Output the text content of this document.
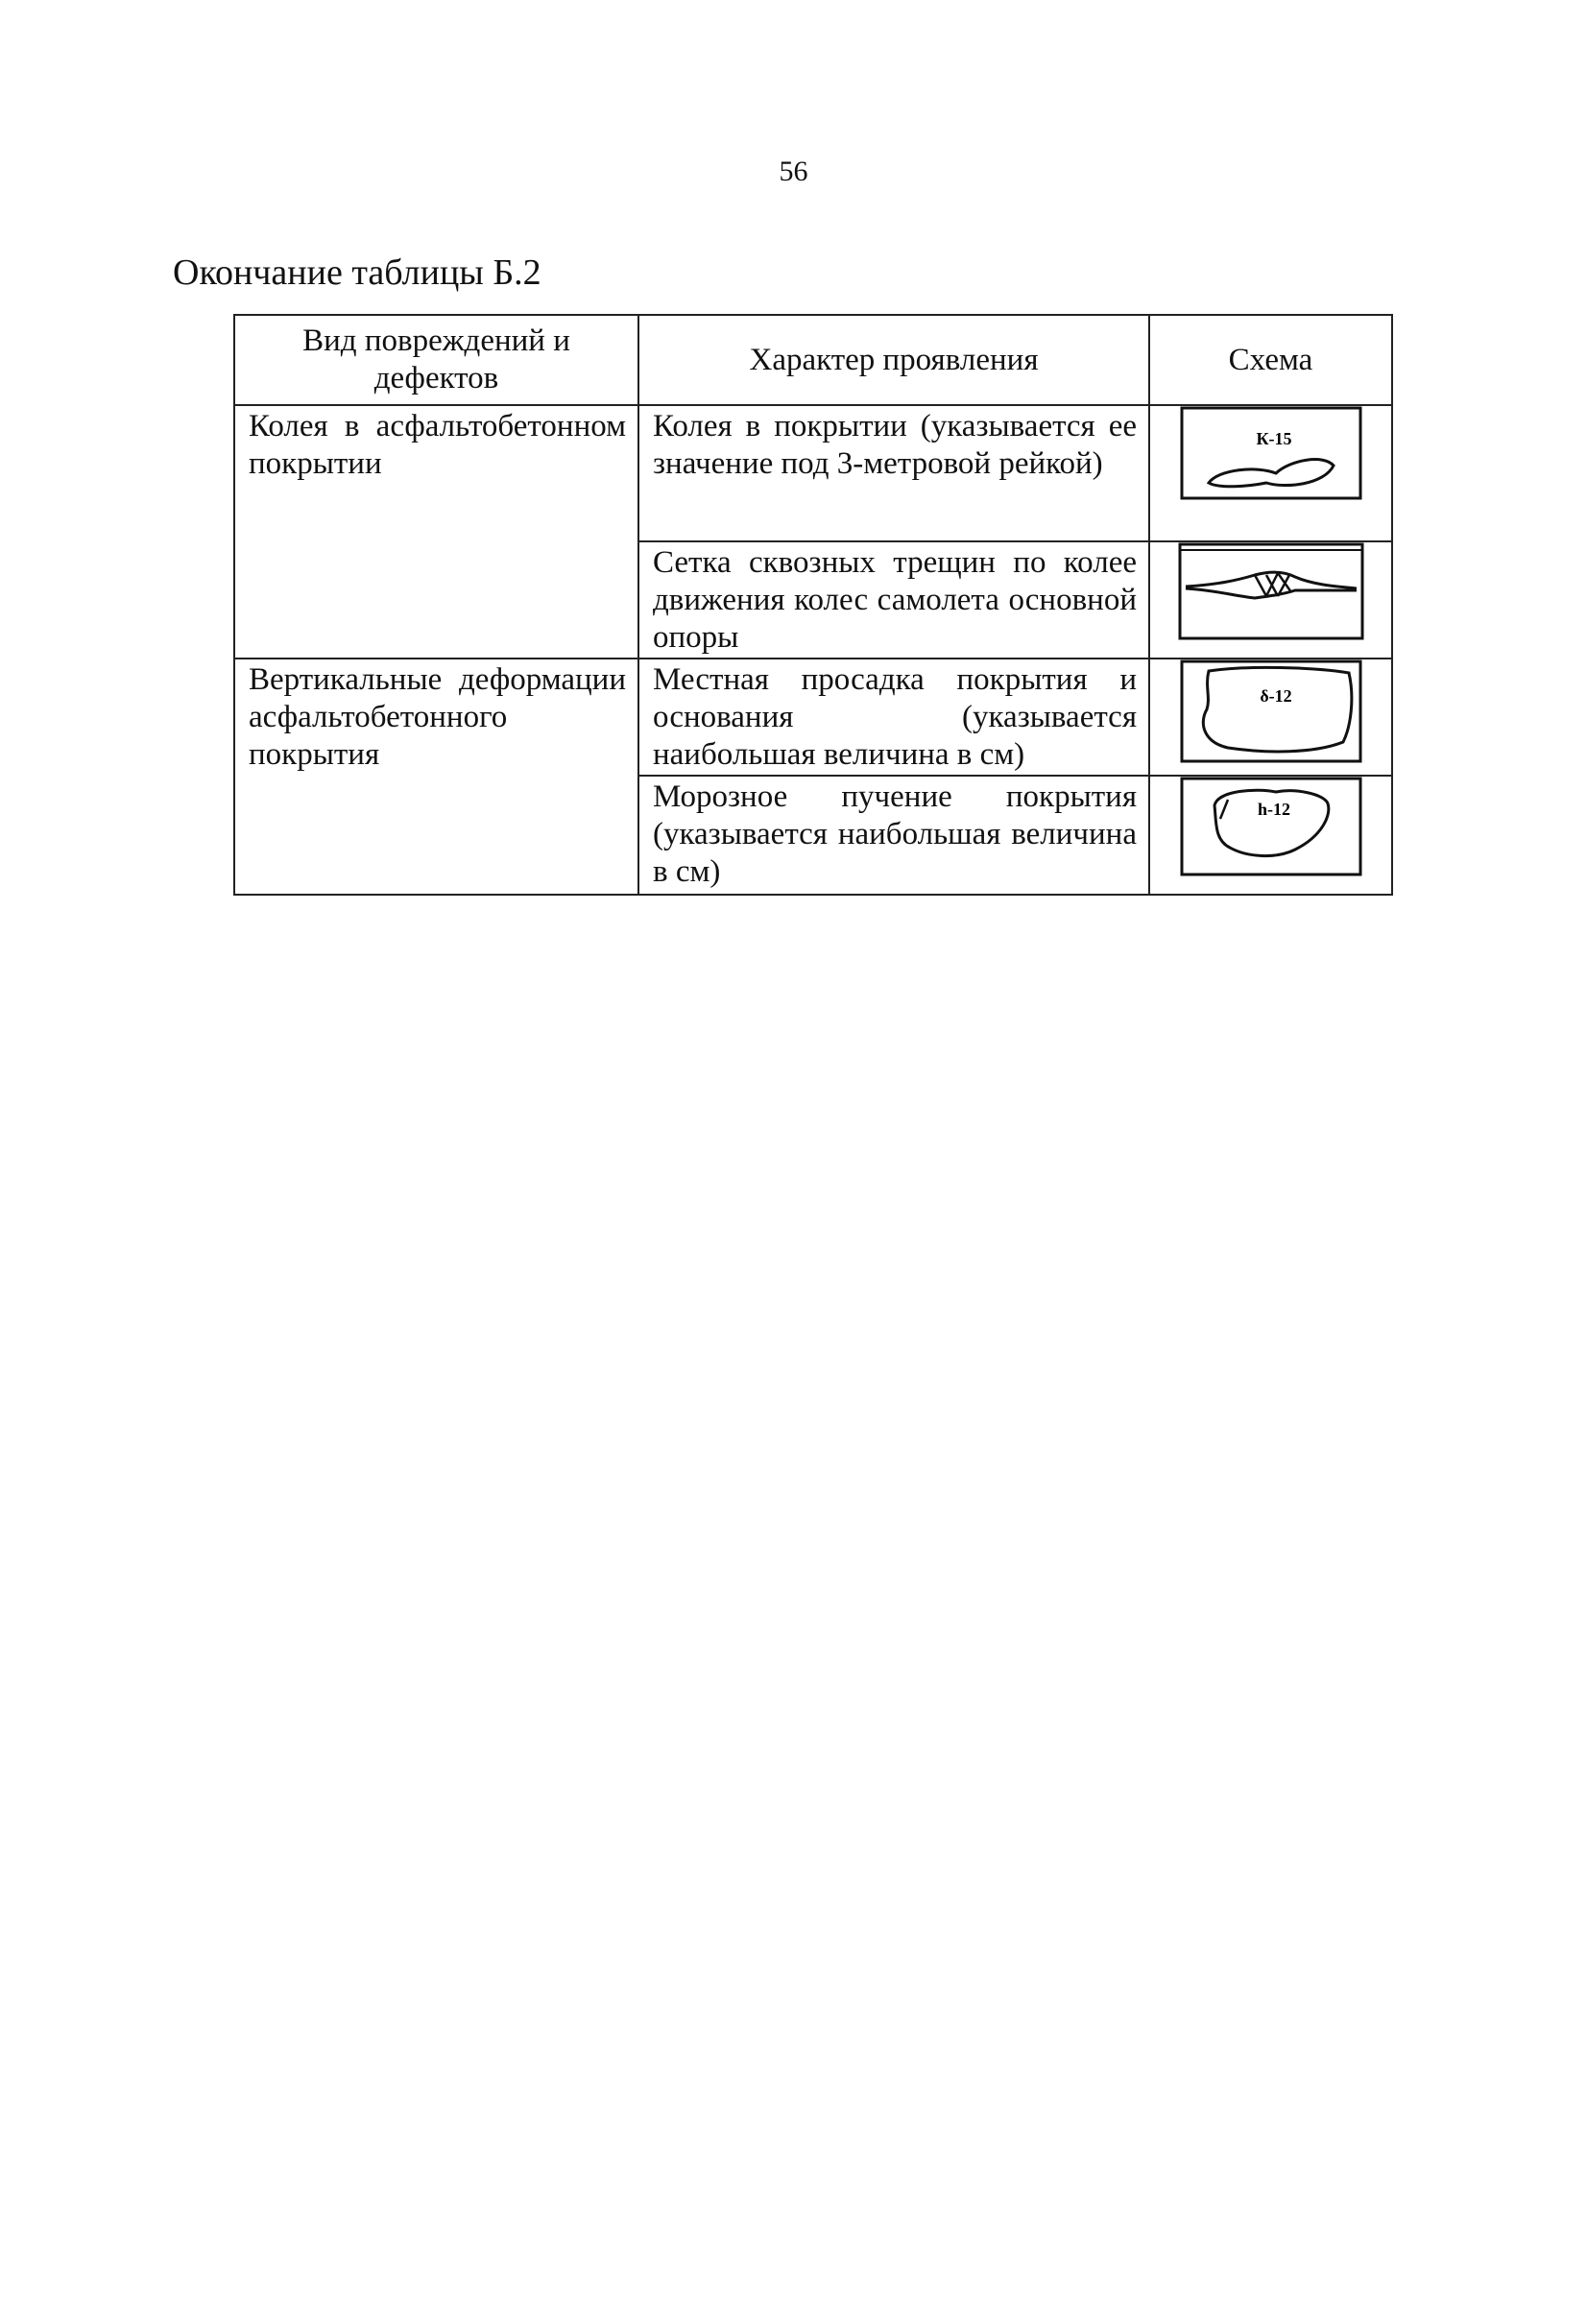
56
Окончание таблицы Б.2
Вид повреждений и дефектов	Характер проявления	Схема
Колея в асфальтобетонном покрытии	Колея в покрытии (указывается ее значение под 3-метровой рейкой)	К-15

	Сетка сквозных трещин по колее движения колес самолета основной опоры	

Вертикальные деформации асфальтобетонного покрытия	Местная просадка покрытия и основания (указывается наибольшая величина в см)	δ-12

	Морозное пучение покрытия (указывается наибольшая величина в см)	h-12
